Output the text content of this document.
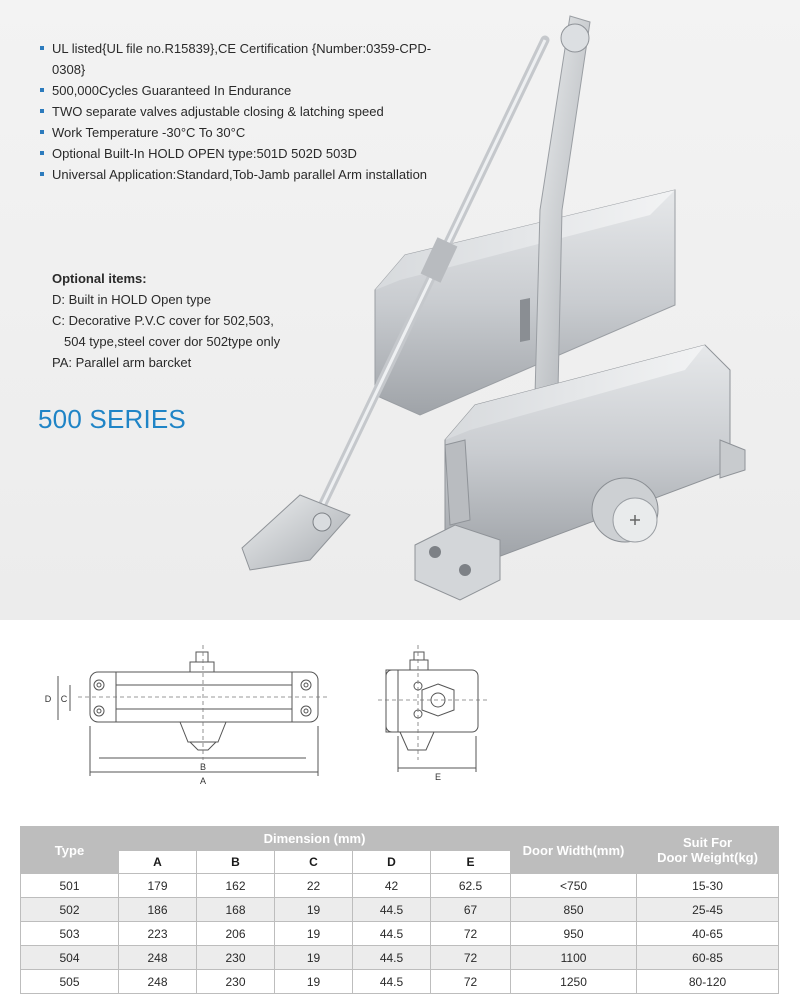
UL listed{UL file no.R15839},CE Certification {Number:0359-CPD-0308}
500,000Cycles Guaranteed In Endurance
TWO separate valves adjustable closing & latching speed
Work Temperature -30°C To 30°C
Optional Built-In HOLD OPEN type:501D 502D 503D
Universal Application:Standard,Tob-Jamb parallel Arm installation
Optional items:
D: Built in HOLD Open type
C: Decorative P.V.C cover for 502,503,
504 type,steel cover dor 502type only
PA: Parallel arm barcket
500 SERIES
B
A
D C
E
Type	Dimension (mm)					Door Width(mm)	Suit For
Door Weight(kg)

	A	B	C	D	E		
501	179	162	22	42	62.5	<750	15-30
502	186	168	19	44.5	67	850	25-45
503	223	206	19	44.5	72	950	40-65
504	248	230	19	44.5	72	1100	60-85
505	248	230	19	44.5	72	1250	80-120
